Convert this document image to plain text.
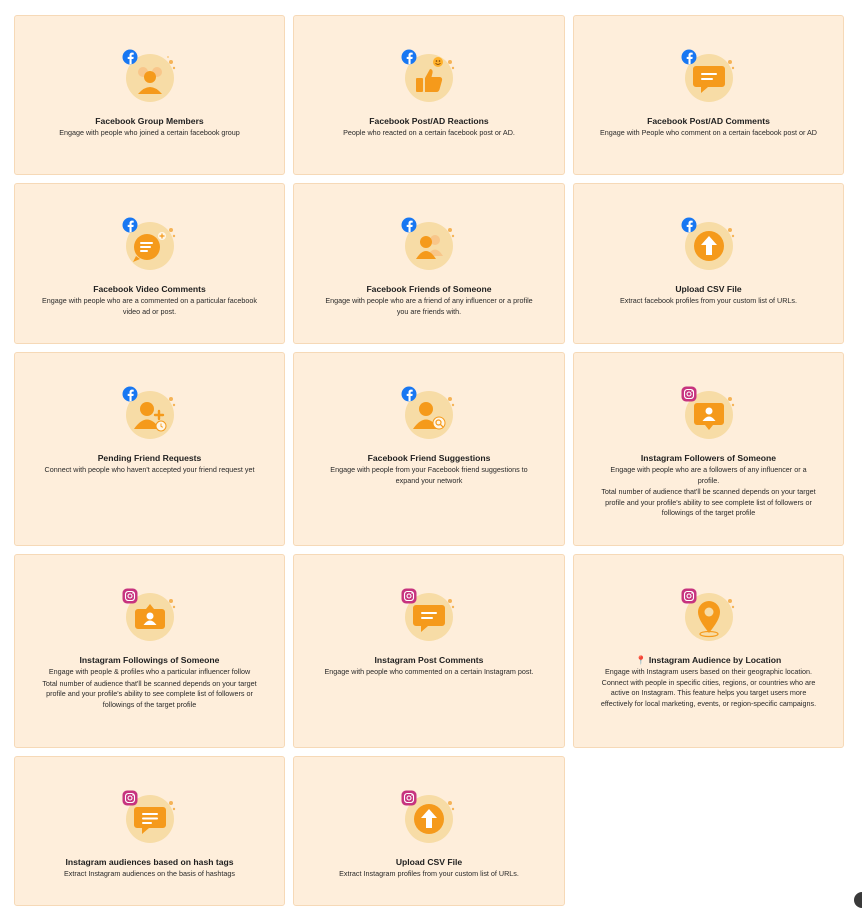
Facebook Group Members
Engage with people who joined a certain facebook group
Facebook Post/AD Reactions
People who reacted on a certain facebook post or AD.
Facebook Post/AD Comments
Engage with People who comment on a certain facebook post or AD
Facebook Video Comments
Engage with people who are a commented on a particular facebook video ad or post.
Facebook Friends of Someone
Engage with people who are a friend of any influencer or a profile you are friends with.
Upload CSV File
Extract facebook profiles from your custom list of URLs.
Pending Friend Requests
Connect with people who haven't accepted your friend request yet
Facebook Friend Suggestions
Engage with people from your Facebook friend suggestions to expand your network
Instagram Followers of Someone
Engage with people who are a followers of any influencer or a profile.
Total number of audience that'll be scanned depends on your target profile and your profile's ability to see complete list of followers or followings of the target profile
Instagram Followings of Someone
Engage with people & profiles who a particular influencer follow
Total number of audience that'll be scanned depends on your target profile and your profile's ability to see complete list of followers or followings of the target profile
Instagram Post Comments
Engage with people who commented on a certain Instagram post.
📍 Instagram Audience by Location
Engage with Instagram users based on their geographic location. Connect with people in specific cities, regions, or countries who are active on Instagram. This feature helps you target users more effectively for local marketing, events, or region-specific campaigns.
Instagram audiences based on hash tags
Extract Instagram audiences on the basis of hashtags
Upload CSV File
Extract Instagram profiles from your custom list of URLs.
